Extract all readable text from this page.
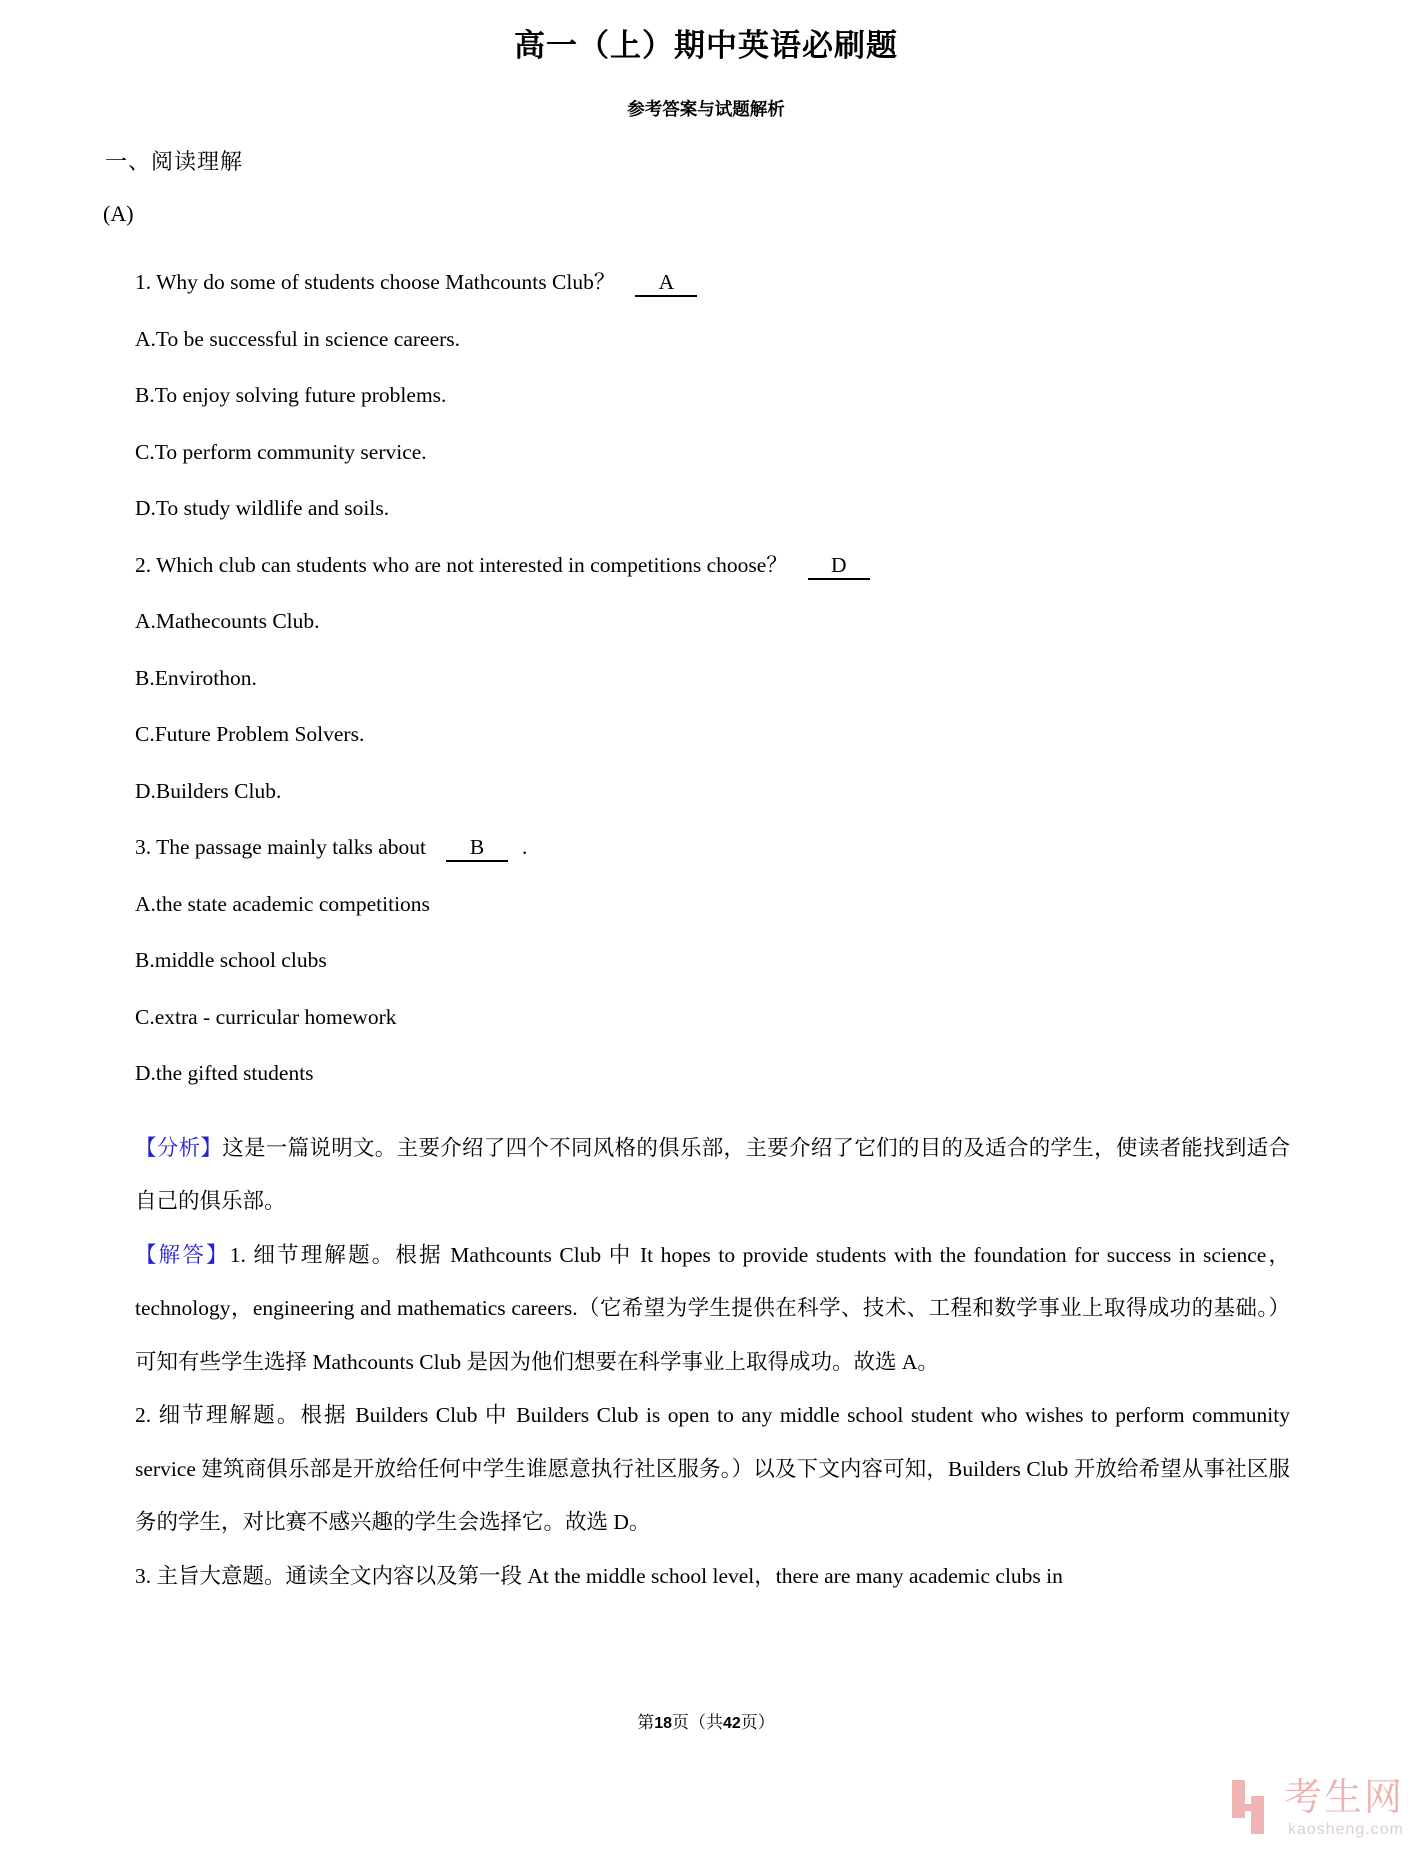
高一（上）期中英语必刷题
参考答案与试题解析
一、阅读理解
(A)
1. Why do some of students choose Mathcounts Club？ A
A.To be successful in science careers.
B.To enjoy solving future problems.
C.To perform community service.
D.To study wildlife and soils.
2. Which club can students who are not interested in competitions choose？ D
A.Mathecounts Club.
B.Envirothon.
C.Future Problem Solvers.
D.Builders Club.
3. The passage mainly talks about B .
A.the state academic competitions
B.middle school clubs
C.extra - curricular homework
D.the gifted students

【分析】这是一篇说明文。主要介绍了四个不同风格的俱乐部，主要介绍了它们的目的及适合的学生，使读者能找到适合自己的俱乐部。

【解答】1. 细节理解题。根据 Mathcounts Club 中 It hopes to provide students with the foundation for success in science，technology，engineering and mathematics careers.（它希望为学生提供在科学、技术、工程和数学事业上取得成功的基础。）可知有些学生选择 Mathcounts Club 是因为他们想要在科学事业上取得成功。故选 A。

2. 细节理解题。根据 Builders Club 中 Builders Club is open to any middle school student who wishes to perform community service 建筑商俱乐部是开放给任何中学生谁愿意执行社区服务。）以及下文内容可知，Builders Club 开放给希望从事社区服务的学生，对比赛不感兴趣的学生会选择它。故选 D。

3. 主旨大意题。通读全文内容以及第一段 At the middle school level，there are many academic clubs in

第18页（共42页）
考生网
kaosheng.com
